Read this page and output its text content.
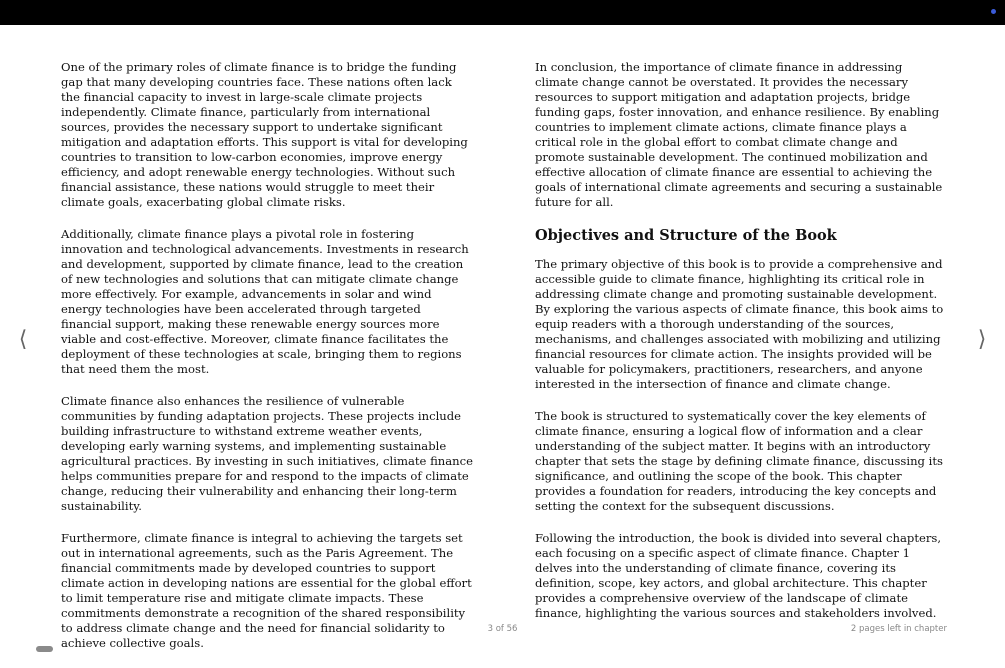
⟨	⟩

One of the primary roles of climate finance is to bridge the funding gap that many developing countries face. These nations often lack the financial capacity to invest in large-scale climate projects independently. Climate finance, particularly from international sources, provides the necessary support to undertake significant mitigation and adaptation efforts. This support is vital for developing countries to transition to low-carbon economies, improve energy efficiency, and adopt renewable energy technologies. Without such financial assistance, these nations would struggle to meet their climate goals, exacerbating global climate risks.

Additionally, climate finance plays a pivotal role in fostering innovation and technological advancements. Investments in research and development, supported by climate finance, lead to the creation of new technologies and solutions that can mitigate climate change more effectively. For example, advancements in solar and wind energy technologies have been accelerated through targeted financial support, making these renewable energy sources more viable and cost-effective. Moreover, climate finance facilitates the deployment of these technologies at scale, bringing them to regions that need them the most.

Climate finance also enhances the resilience of vulnerable communities by funding adaptation projects. These projects include building infrastructure to withstand extreme weather events, developing early warning systems, and implementing sustainable agricultural practices. By investing in such initiatives, climate finance helps communities prepare for and respond to the impacts of climate change, reducing their vulnerability and enhancing their long-term sustainability.

Furthermore, climate finance is integral to achieving the targets set out in international agreements, such as the Paris Agreement. The financial commitments made by developed countries to support climate action in developing nations are essential for the global effort to limit temperature rise and mitigate climate impacts. These commitments demonstrate a recognition of the shared responsibility to address climate change and the need for financial solidarity to achieve collective goals.

In conclusion, the importance of climate finance in addressing climate change cannot be overstated. It provides the necessary resources to support mitigation and adaptation projects, bridge funding gaps, foster innovation, and enhance resilience. By enabling countries to implement climate actions, climate finance plays a critical role in the global effort to combat climate change and promote sustainable development. The continued mobilization and effective allocation of climate finance are essential to achieving the goals of international climate agreements and securing a sustainable future for all.

Objectives and Structure of the Book

The primary objective of this book is to provide a comprehensive and accessible guide to climate finance, highlighting its critical role in addressing climate change and promoting sustainable development. By exploring the various aspects of climate finance, this book aims to equip readers with a thorough understanding of the sources, mechanisms, and challenges associated with mobilizing and utilizing financial resources for climate action. The insights provided will be valuable for policymakers, practitioners, researchers, and anyone interested in the intersection of finance and climate change.

The book is structured to systematically cover the key elements of climate finance, ensuring a logical flow of information and a clear understanding of the subject matter. It begins with an introductory chapter that sets the stage by defining climate finance, discussing its significance, and outlining the scope of the book. This chapter provides a foundation for readers, introducing the key concepts and setting the context for the subsequent discussions.

Following the introduction, the book is divided into several chapters, each focusing on a specific aspect of climate finance. Chapter 1 delves into the understanding of climate finance, covering its definition, scope, key actors, and global architecture. This chapter provides a comprehensive overview of the landscape of climate finance, highlighting the various sources and stakeholders involved.

3 of 56	2 pages left in chapter
